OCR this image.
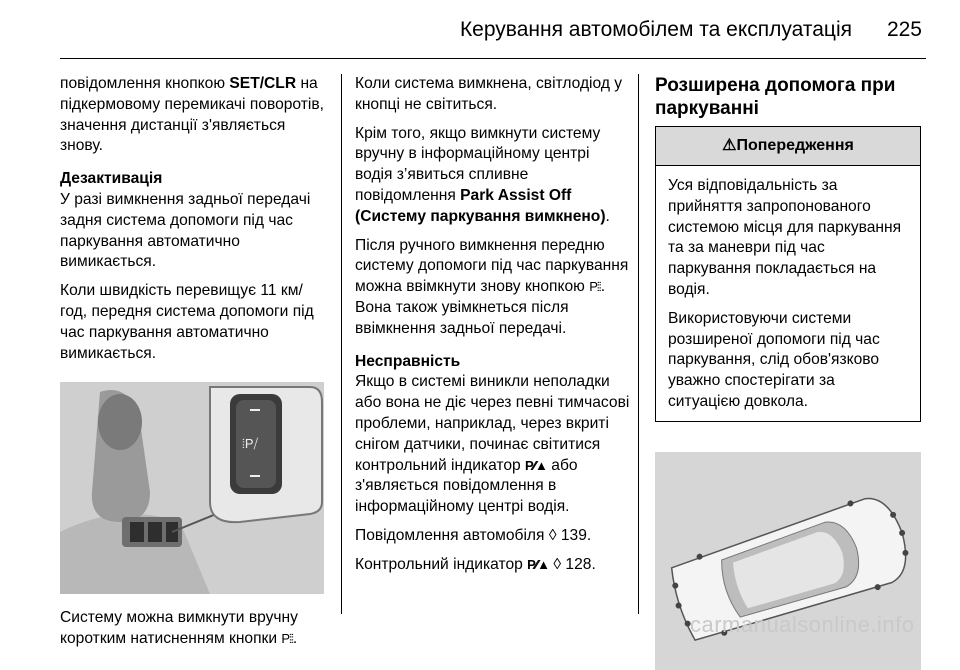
Керування автомобілем та експлуатація 225

повідомлення кнопкою SET/CLR на підкермовому перемикачі поворотів, значення дистанції з'являється знову.

Дезактивація

У разі вимкнення задньої передачі задня система допомоги під час паркування автоматично вимикається.

Коли швидкість перевищує 11 км/год, передня система допомоги під час паркування автоматично вимикається.

⦙P⧸

Систему можна вимкнути вручну коротким натисненням кнопки P⦙⦙.

Коли система вимкнена, світлодіод у кнопці не світиться.

Крім того, якщо вимкнути систему вручну в інформаційному центрі водія з’явиться спливне повідомлення Park Assist Off (Системy паркування вимкнено).

Після ручного вимкнення передню систему допомоги під час паркування можна ввімкнути знову кнопкою P⦙⦙. Вона також увімкнеться після ввімкнення задньої передачі.

Несправність

Якщо в системі виникли неполадки або вона не діє через певні тимчасові проблеми, наприклад, через вкриті снігом датчики, починає світитися контрольний індикатор P⁄⁄▲ або з'являється повідомлення в інформаційному центрі водія.

Повідомлення автомобіля ◊ 139.

Контрольний індикатор P⁄⁄▲ ◊ 128.

Розширена допомога при паркуванні
⚠ Попередження

Уся відповідальність за прийняття запропонованого системою місця для паркування та за маневри під час паркування покладається на водія.

Використовуючи системи розширеної допомоги під час паркування, слід обов'язково уважно спостерігати за ситуацією довкола.

carmanualsonline.info
